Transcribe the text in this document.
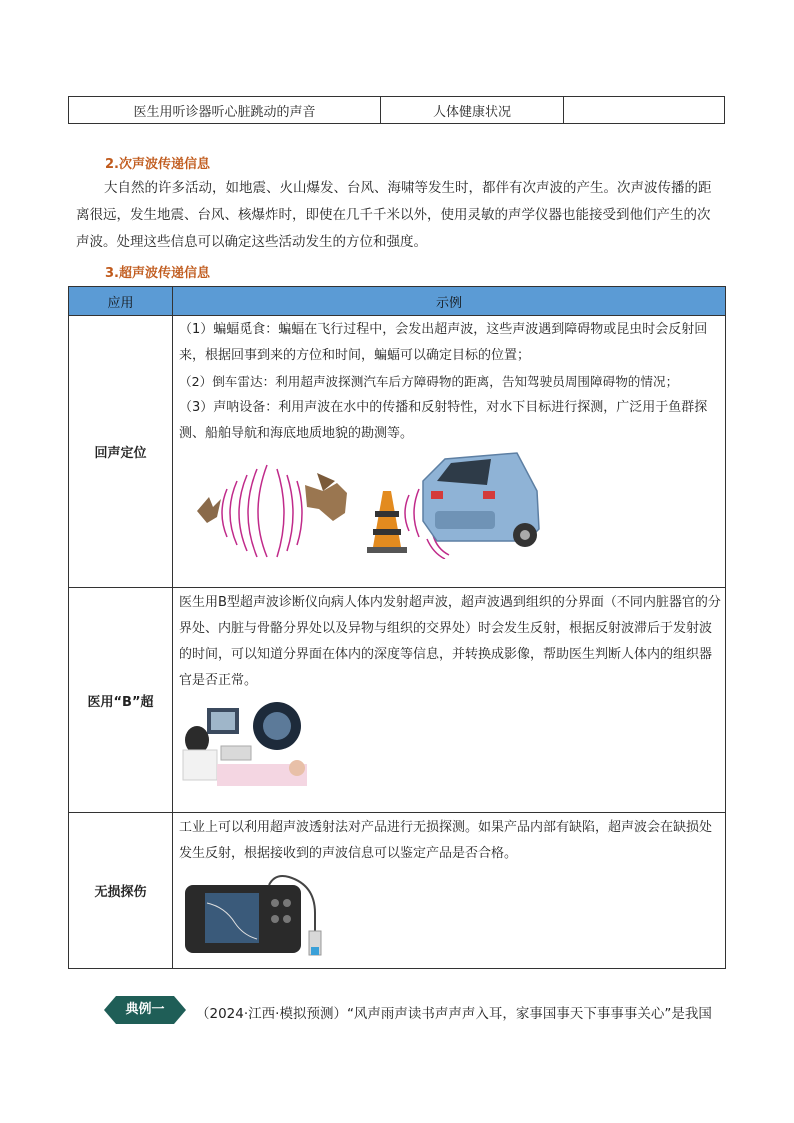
医生用听诊器听心脏跳动的声音	人体健康状况	
2.次声波传递信息
大自然的许多活动，如地震、火山爆发、台风、海啸等发生时，都伴有次声波的产生。次声波传播的距离很远，发生地震、台风、核爆炸时，即使在几千千米以外，使用灵敏的声学仪器也能接受到他们产生的次声波。处理这些信息可以确定这些活动发生的方位和强度。
3.超声波传递信息
应用	示例
回声定位	（1）蝙蝠觅食：蝙蝠在飞行过程中，会发出超声波，这些声波遇到障碍物或昆虫时会反射回来，根据回事到来的方位和时间，蝙蝠可以确定目标的位置；
（2）倒车雷达：利用超声波探测汽车后方障碍物的距离，告知驾驶员周围障碍物的情况；
（3）声呐设备：利用声波在水中的传播和反射特性，对水下目标进行探测，广泛用于鱼群探测、船舶导航和海底地质地貌的勘测等。

医用“B”超	医生用B型超声波诊断仪向病人体内发射超声波，超声波遇到组织的分界面（不同内脏器官的分界处、内脏与骨骼分界处以及异物与组织的交界处）时会发生反射，根据反射波滞后于发射波的时间，可以知道分界面在体内的深度等信息，并转换成影像，帮助医生判断人体内的组织器官是否正常。

无损探伤	工业上可以利用超声波透射法对产品进行无损探测。如果产品内部有缺陷，超声波会在缺损处发生反射，根据接收到的声波信息可以鉴定产品是否合格。
典例一	（2024·江西·模拟预测）“风声雨声读书声声声入耳，家事国事天下事事事关心”是我国
